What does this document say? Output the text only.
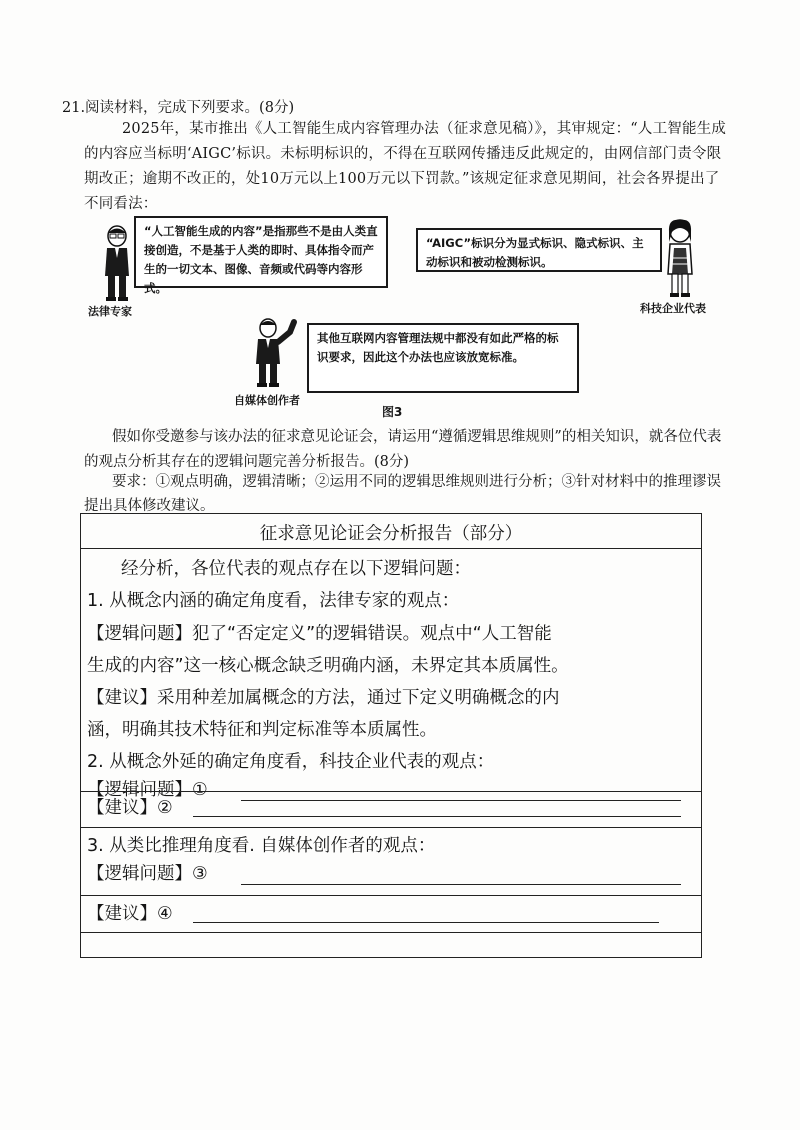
21.阅读材料，完成下列要求。(8分)
2025年，某市推出《人工智能生成内容管理办法（征求意见稿）》，其审规定：“人工智能生成的内容应当标明‘AIGC’标识。未标明标识的，不得在互联网传播违反此规定的，由网信部门责令限期改正；逾期不改正的，处10万元以上100万元以下罚款。”该规定征求意见期间，社会各界提出了不同看法：
法律专家
“人工智能生成的内容”是指那些不是由人类直接创造，不是基于人类的即时、具体指令而产生的一切文本、图像、音频或代码等内容形式。
“AIGC”标识分为显式标识、隐式标识、主动标识和被动检测标识。
科技企业代表
其他互联网内容管理法规中都没有如此严格的标识要求，因此这个办法也应该放宽标准。
自媒体创作者
图3
假如你受邀参与该办法的征求意见论证会，请运用“遵循逻辑思维规则”的相关知识，就各位代表的观点分析其存在的逻辑问题完善分析报告。(8分)
要求：①观点明确，逻辑清晰；②运用不同的逻辑思维规则进行分析；③针对材料中的推理谬误提出具体修改建议。
征求意见论证会分析报告（部分）
经分析，各位代表的观点存在以下逻辑问题：
1. 从概念内涵的确定角度看，法律专家的观点：
【逻辑问题】犯了“否定定义”的逻辑错误。观点中“人工智能
生成的内容”这一核心概念缺乏明确内涵，未界定其本质属性。
【建议】采用种差加属概念的方法，通过下定义明确概念的内
涵，明确其技术特征和判定标准等本质属性。
2. 从概念外延的确定角度看，科技企业代表的观点：
【逻辑问题】①
【建议】②
3. 从类比推理角度看. 自媒体创作者的观点：
【逻辑问题】③
【建议】④
